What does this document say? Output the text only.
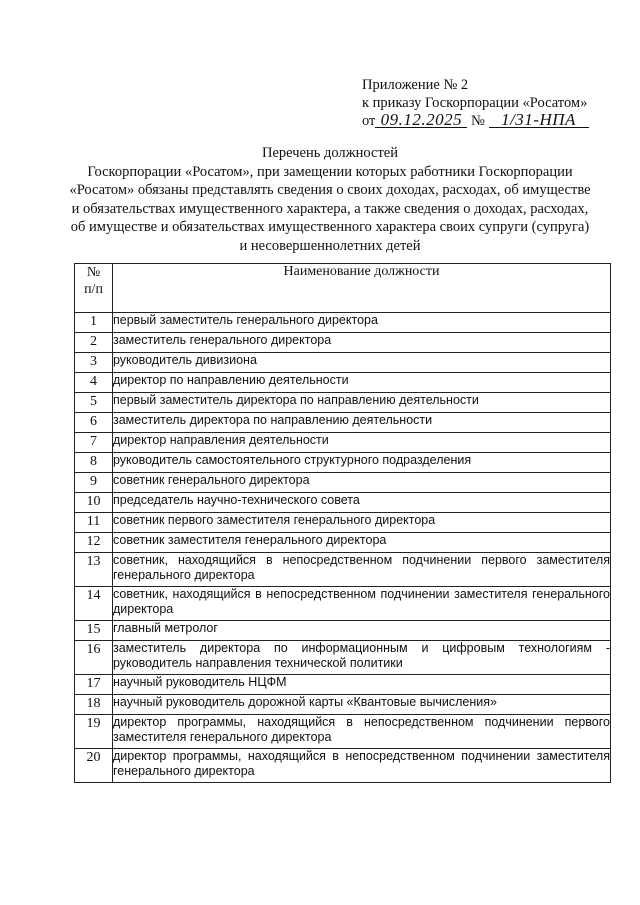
Приложение № 2
к приказу Госкорпорации «Росатом»
от 09.12.2025 № 1/31-НПА
Перечень должностей
Госкорпорации «Росатом», при замещении которых работники Госкорпорации «Росатом» обязаны представлять сведения о своих доходах, расходах, об имуществе и обязательствах имущественного характера, а также сведения о доходах, расходах, об имуществе и обязательствах имущественного характера своих супруги (супруга) и несовершеннолетних детей
№
п/п	Наименование должности
1	первый заместитель генерального директора
2	заместитель генерального директора
3	руководитель дивизиона
4	директор по направлению деятельности
5	первый заместитель директора по направлению деятельности
6	заместитель директора по направлению деятельности
7	директор направления деятельности
8	руководитель самостоятельного структурного подразделения
9	советник генерального директора
10	председатель научно-технического совета
11	советник первого заместителя генерального директора
12	советник заместителя генерального директора
13	советник, находящийся в непосредственном подчинении первого заместителя генерального директора
14	советник, находящийся в непосредственном подчинении заместителя генерального директора
15	главный метролог
16	заместитель директора по информационным и цифровым технологиям - руководитель направления технической политики
17	научный руководитель НЦФМ
18	научный руководитель дорожной карты «Квантовые вычисления»
19	директор программы, находящийся в непосредственном подчинении первого заместителя генерального директора
20	директор программы, находящийся в непосредственном подчинении заместителя генерального директора
